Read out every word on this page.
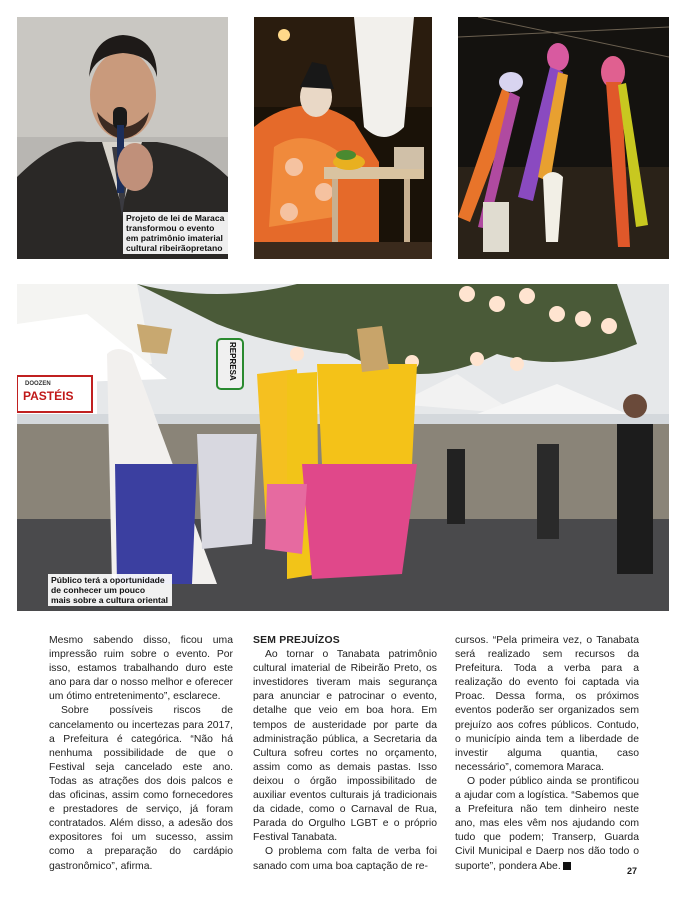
Projeto de lei de Maraca
transformou o evento
em patrimônio imaterial
cultural ribeirãopretano
DOOZEN
PASTÉIS
REPRESA
Público terá a oportunidade
de conhecer um pouco
mais sobre a cultura oriental

Mesmo sabendo disso, ficou uma impressão ruim sobre o evento. Por isso, estamos trabalhando duro este ano para dar o nosso melhor e oferecer um ótimo entretenimento”, esclarece.

Sobre possíveis riscos de cancelamento ou incertezas para 2017, a Prefeitura é categórica. “Não há nenhuma possibilidade de que o Festival seja cancelado este ano. Todas as atrações dos dois palcos e das oficinas, assim como fornecedores e prestadores de serviço, já foram contratados. Além disso, a adesão dos expositores foi um sucesso, assim como a preparação do cardápio gastronômico”, afirma.

SEM PREJUÍZOS

Ao tornar o Tanabata patrimônio cultural imaterial de Ribeirão Preto, os investidores tiveram mais segurança para anunciar e patrocinar o evento, detalhe que veio em boa hora. Em tempos de austeridade por parte da administração pública, a Secretaria da Cultura sofreu cortes no orçamento, assim como as demais pastas. Isso deixou o órgão impossibilitado de auxiliar eventos culturais já tradicionais da cidade, como o Carnaval de Rua, Parada do Orgulho LGBT e o próprio Festival Tanabata.

O problema com falta de verba foi sanado com uma boa captação de re-

cursos. “Pela primeira vez, o Tanabata será realizado sem recursos da Prefeitura. Toda a verba para a realização do evento foi captada via Proac. Dessa forma, os próximos eventos poderão ser organizados sem prejuízo aos cofres públicos. Contudo, o município ainda tem a liberdade de investir alguma quantia, caso necessário”, comemora Maraca.

O poder público ainda se prontificou a ajudar com a logística. “Sabemos que a Prefeitura não tem dinheiro neste ano, mas eles vêm nos ajudando com tudo que podem; Transerp, Guarda Civil Municipal e Daerp nos dão todo o suporte”, pondera Abe.	27
